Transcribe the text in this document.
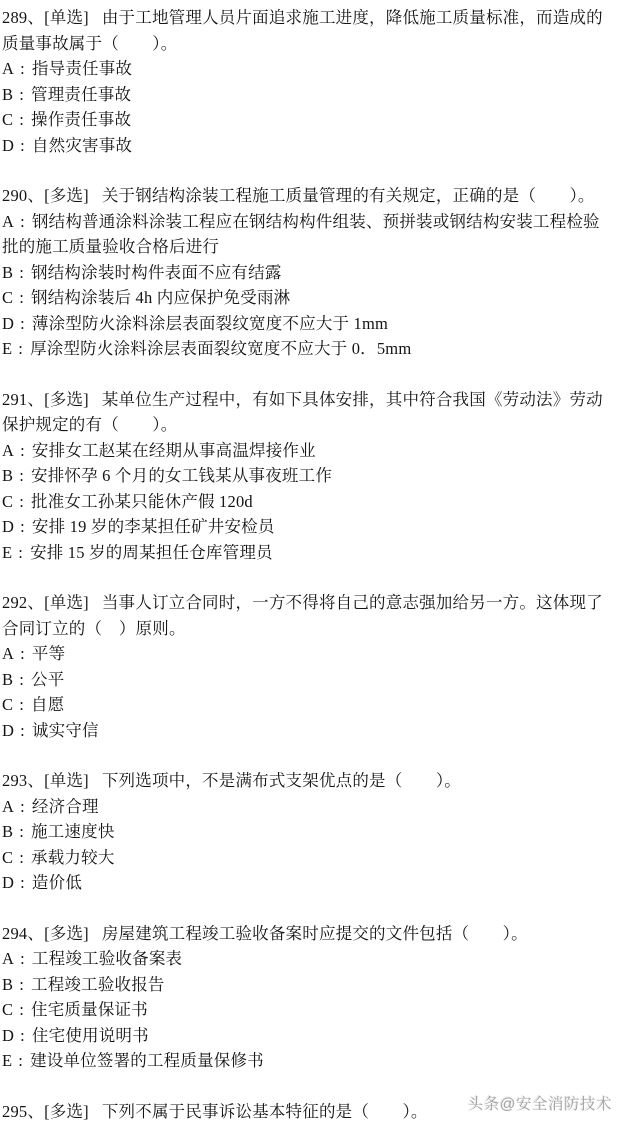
289、[单选] 由于工地管理人员片面追求施工进度，降低施工质量标准，而造成的质量事故属于（　　）。

A : 指导责任事故

B : 管理责任事故

C : 操作责任事故

D : 自然灾害事故

290、[多选] 关于钢结构涂装工程施工质量管理的有关规定，正确的是（　　）。

A : 钢结构普通涂料涂装工程应在钢结构构件组装、预拼装或钢结构安装工程检验批的施工质量验收合格后进行

B : 钢结构涂装时构件表面不应有结露

C : 钢结构涂装后 4h 内应保护免受雨淋

D : 薄涂型防火涂料涂层表面裂纹宽度不应大于 1mm

E : 厚涂型防火涂料涂层表面裂纹宽度不应大于 0．5mm

291、[多选] 某单位生产过程中，有如下具体安排，其中符合我国《劳动法》劳动保护规定的有（　　）。

A : 安排女工赵某在经期从事高温焊接作业

B : 安排怀孕 6 个月的女工钱某从事夜班工作

C : 批准女工孙某只能休产假 120d

D : 安排 19 岁的李某担任矿井安检员

E : 安排 15 岁的周某担任仓库管理员

292、[单选] 当事人订立合同时，一方不得将自己的意志强加给另一方。这体现了合同订立的（　）原则。

A : 平等

B : 公平

C : 自愿

D : 诚实守信

293、[单选] 下列选项中，不是满布式支架优点的是（　　）。

A : 经济合理

B : 施工速度快

C : 承载力较大

D : 造价低

294、[多选] 房屋建筑工程竣工验收备案时应提交的文件包括（　　）。

A : 工程竣工验收备案表

B : 工程竣工验收报告

C : 住宅质量保证书

D : 住宅使用说明书

E : 建设单位签署的工程质量保修书

295、[多选] 下列不属于民事诉讼基本特征的是（　　）。	头条@安全消防技术
